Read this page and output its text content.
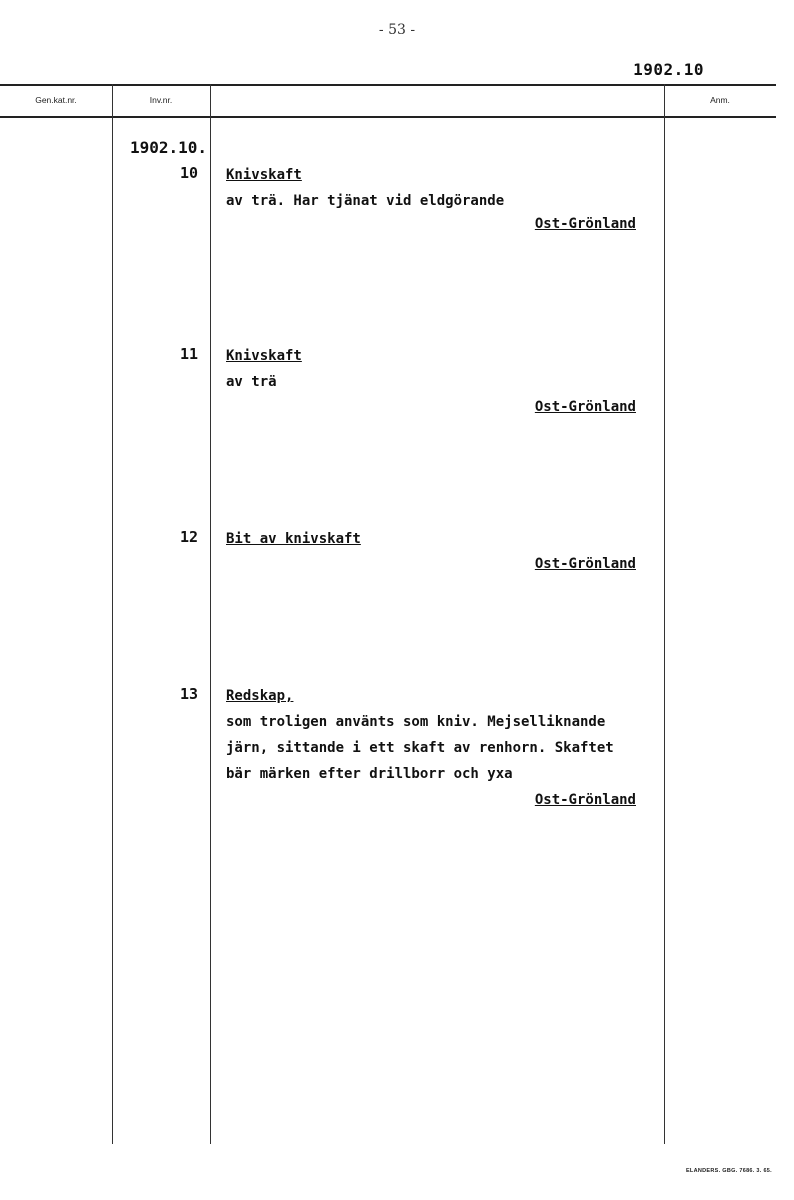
- 53 -
1902.10
Gen.kat.nr.	Inv.nr.	Anm.
1902.10.
10 Knivskaft
av trä. Har tjänat vid eldgörande
Ost-Grönland
11 Knivskaft
av trä
Ost-Grönland
12 Bit av knivskaft
Ost-Grönland
13 Redskap,
som troligen använts som kniv. Mejselliknande
järn, sittande i ett skaft av renhorn. Skaftet
bär märken efter drillborr och yxa
Ost-Grönland
ELANDERS. GBG. 7686. 3. 65.
